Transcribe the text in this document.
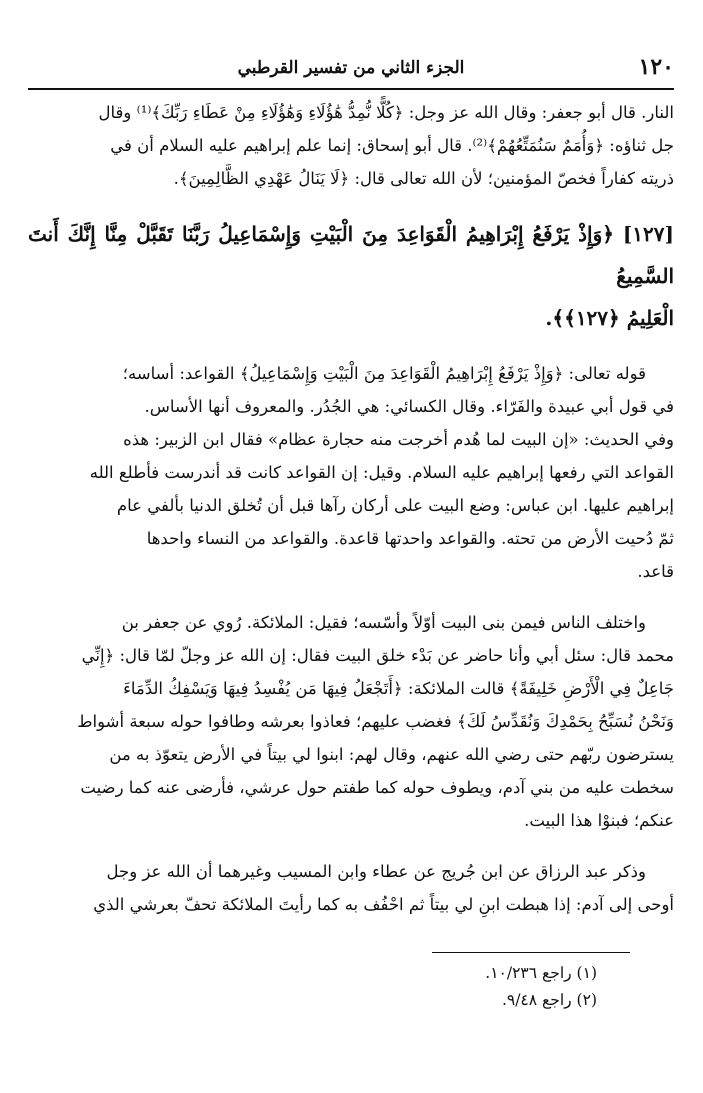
١٢٠
الجزء الثاني من تفسير القرطبي

النار. قال أبو جعفر: وقال الله عز وجل: ﴿كُلًّا نُّمِدُّ هَٰؤُلَاءِ وَهَٰؤُلَاءِ مِنْ عَطَاءِ رَبِّكَ﴾⁽¹⁾ وقال

جل ثناؤه: ﴿وَأُمَمٌ سَنُمَتِّعُهُمْ﴾⁽²⁾. قال أبو إسحاق: إنما علم إبراهيم عليه السلام أن في

ذريته كفاراً فخصّ المؤمنين؛ لأن الله تعالى قال: ﴿لَا يَنَالُ عَهْدِي الظَّالِمِينَ﴾.

[١٢٧] ﴿وَإِذْ يَرْفَعُ إِبْرَاهِيمُ الْقَوَاعِدَ مِنَ الْبَيْتِ وَإِسْمَاعِيلُ رَبَّنَا تَقَبَّلْ مِنَّا إِنَّكَ أَنتَ السَّمِيعُ

الْعَلِيمُ ﴿١٢٧﴾﴾.

قوله تعالى: ﴿وَإِذْ يَرْفَعُ إِبْرَاهِيمُ الْقَوَاعِدَ مِنَ الْبَيْتِ وَإِسْمَاعِيلُ﴾ القواعد: أساسه؛

في قول أبي عبيدة والفَرّاء. وقال الكسائي: هي الجُدُر. والمعروف أنها الأساس.

وفي الحديث: «إن البيت لما هُدم أخرجت منه حجارة عظام» فقال ابن الزبير: هذه

القواعد التي رفعها إبراهيم عليه السلام. وقيل: إن القواعد كانت قد أندرست فأطلع الله

إبراهيم عليها. ابن عباس: وضع البيت على أركان رآها قبل أن تُخلق الدنيا بألفي عام

ثمّ دُحيت الأرض من تحته. والقواعد واحدتها قاعدة. والقواعد من النساء واحدها

قاعد.

واختلف الناس فيمن بنى البيت أوّلاً وأسّسه؛ فقيل: الملائكة. رُوي عن جعفر بن

محمد قال: سئل أبي وأنا حاضر عن بَدْء خلق البيت فقال: إن الله عز وجلّ لمّا قال: ﴿إِنِّي

جَاعِلٌ فِي الْأَرْضِ خَلِيفَةً﴾ قالت الملائكة: ﴿أَتَجْعَلُ فِيهَا مَن يُفْسِدُ فِيهَا وَيَسْفِكُ الدِّمَاءَ

وَنَحْنُ نُسَبِّحُ بِحَمْدِكَ وَنُقَدِّسُ لَكَ﴾ فغضب عليهم؛ فعاذوا بعرشه وطافوا حوله سبعة أشواط

يسترضون ربّهم حتى رضي الله عنهم، وقال لهم: ابنوا لي بيتاً في الأرض يتعوّذ به من

سخطت عليه من بني آدم، ويطوف حوله كما طفتم حول عرشي، فأرضى عنه كما رضيت

عنكم؛ فبنوْا هذا البيت.

وذكر عبد الرزاق عن ابن جُريج عن عطاء وابن المسيب وغيرهما أن الله عز وجل

أوحى إلى آدم: إذا هبطت ابنِ لي بيتاً ثم احْفُف به كما رأيتَ الملائكة تحفّ بعرشي الذي

(١) راجع ١٠/٢٣٦.

(٢) راجع ٩/٤٨.
